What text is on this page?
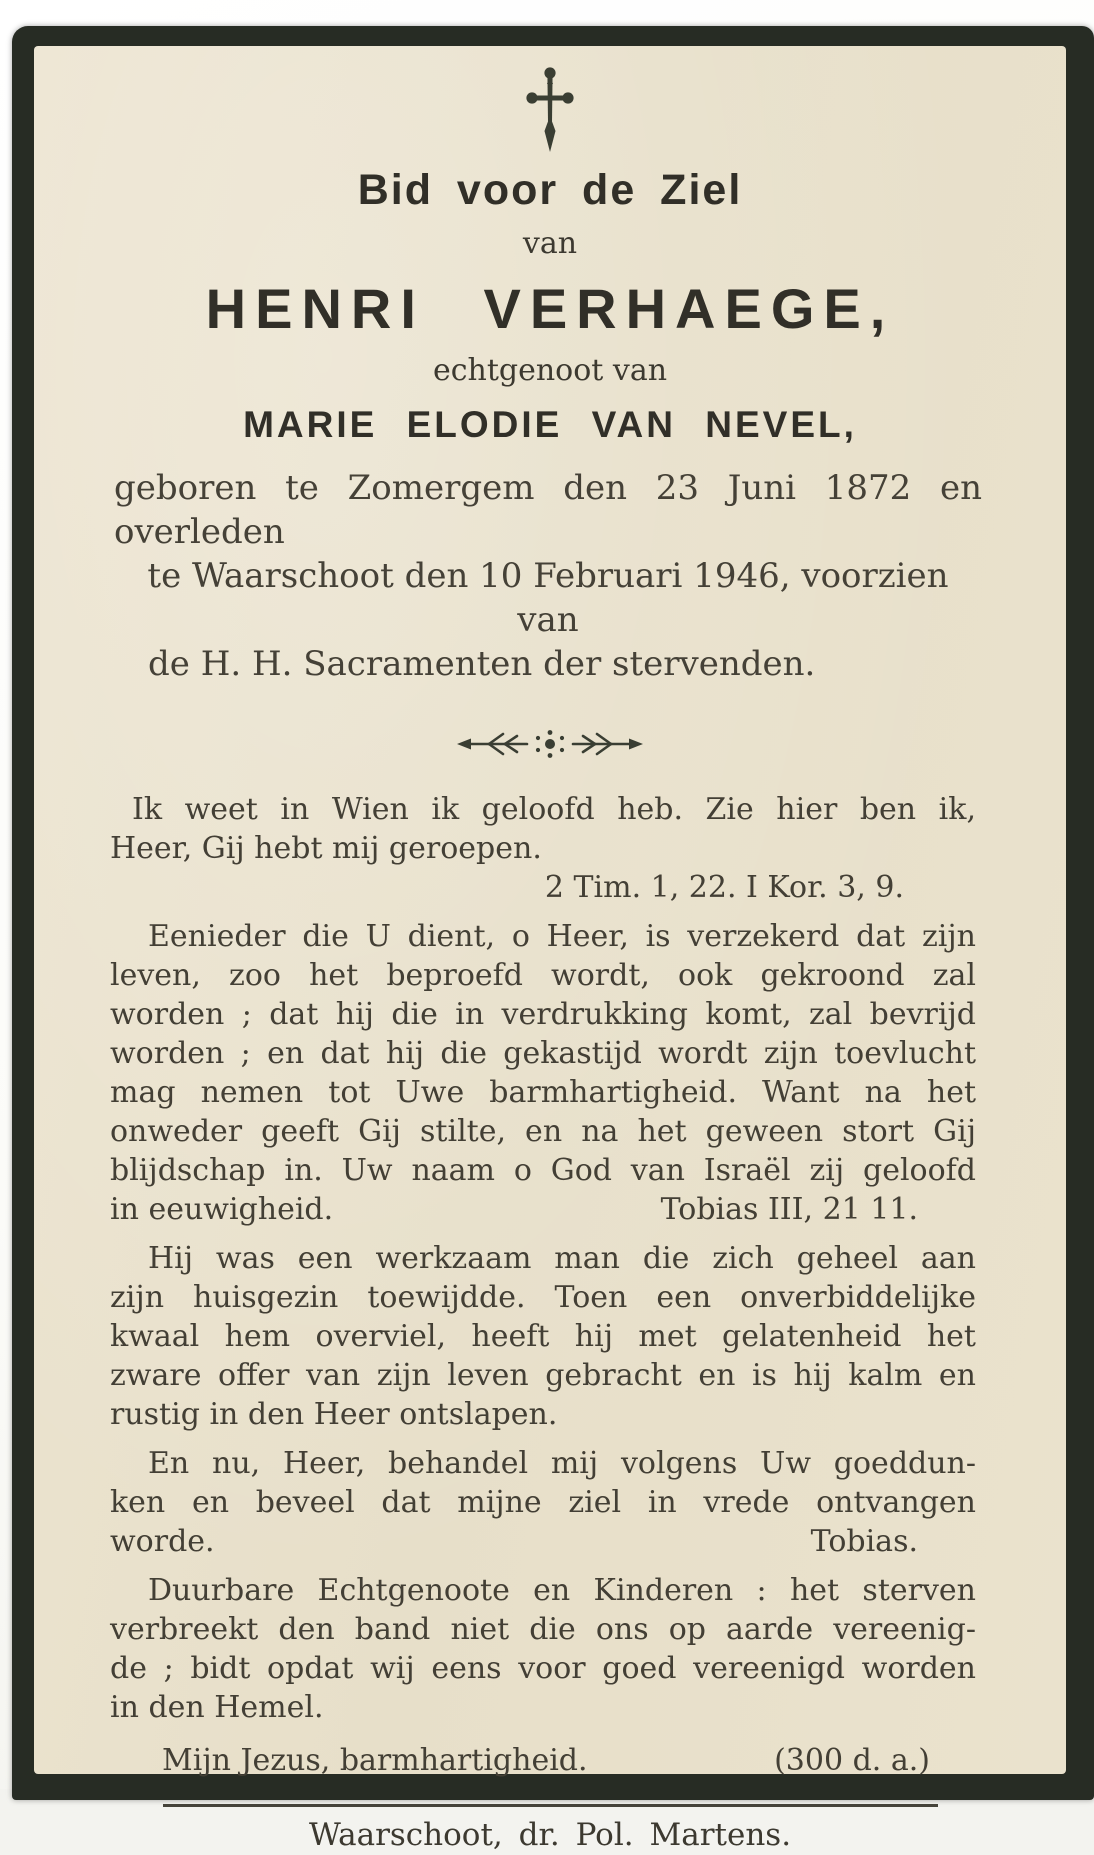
Bid voor de Ziel
van
HENRI VERHAEGE,
echtgenoot van
MARIE ELODIE VAN NEVEL,
geboren te Zomergem den 23 Juni 1872 en overleden
te Waarschoot den 10 Februari 1946, voorzien van
de H. H. Sacramenten der stervenden.
Ik weet in Wien ik geloofd heb. Zie hier ben ik,
Heer, Gij hebt mij geroepen.
2 Tim. 1, 22. I Kor. 3, 9.
Eenieder die U dient, o Heer, is verzekerd dat zijn
leven, zoo het beproefd wordt, ook gekroond zal
worden ; dat hij die in verdrukking komt, zal bevrijd
worden ; en dat hij die gekastijd wordt zijn toevlucht
mag nemen tot Uwe barmhartigheid. Want na het
onweder geeft Gij stilte, en na het geween stort Gij
blijdschap in. Uw naam o God van Israël zij geloofd
in eeuwigheid.	Tobias III, 21 11.
Hij was een werkzaam man die zich geheel aan
zijn huisgezin toewijdde. Toen een onverbiddelijke
kwaal hem overviel, heeft hij met gelatenheid het
zware offer van zijn leven gebracht en is hij kalm en
rustig in den Heer ontslapen.
En nu, Heer, behandel mij volgens Uw goeddun-
ken en beveel dat mijne ziel in vrede ontvangen
worde.	Tobias.
Duurbare Echtgenoote en Kinderen : het sterven
verbreekt den band niet die ons op aarde vereenig-
de ; bidt opdat wij eens voor goed vereenigd worden
in den Hemel.
Mijn Jezus, barmhartigheid.	(300 d. a.)
Waarschoot, dr. Pol. Martens.
